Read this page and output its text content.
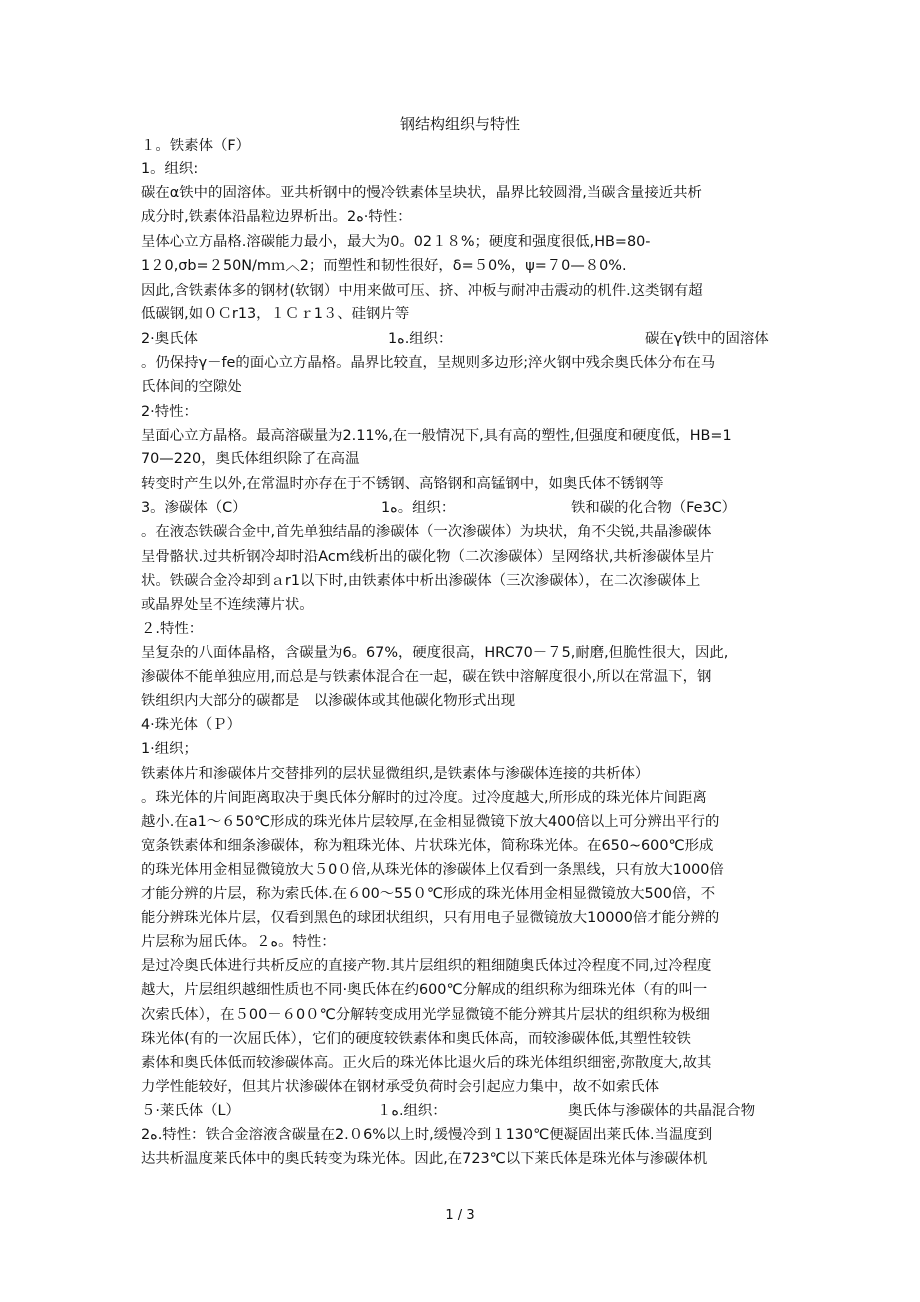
钢结构组织与特性
１。铁素体（F）
1。组织:
碳在α铁中的固溶体。亚共析钢中的慢冷铁素体呈块状，晶界比较圆滑,当碳含量接近共析
成分时,铁素体沿晶粒边界析出。2ﻩ·特性：
呈体心立方晶格.溶碳能力最小，最大为0。02１８%；硬度和强度很低,HB=80-
1２0,σb=２50N/mｍ︿2；而塑性和韧性很好，δ=５0%，ψ=７0—８0%.
因此,含铁素体多的钢材(软钢）中用来做可压、挤、冲板与耐冲击震动的机件.这类钢有超
低碳钢,如０Ｃr13，１Ｃｒ1３、硅钢片等
2·奥氏体	1ﻩ.组织：	碳在γ铁中的固溶体
。仍保持γ－fe的面心立方晶格。晶界比较直，呈规则多边形;淬火钢中残余奥氏体分布在马
氏体间的空隙处
2·特性：
呈面心立方晶格。最高溶碳量为2.11%,在一般情况下,具有高的塑性,但强度和硬度低，HB=1
70—220，奥氏体组织除了在高温
转变时产生以外,在常温时亦存在于不锈钢、高铬钢和高锰钢中，如奥氏体不锈钢等
3。渗碳体（C）	1ﻩ。组织：	铁和碳的化合物（Fe3C）
。在液态铁碳合金中,首先单独结晶的渗碳体（一次渗碳体）为块状，角不尖锐,共晶渗碳体
呈骨骼状.过共析钢冷却时沿Acm线析出的碳化物（二次渗碳体）呈网络状,共析渗碳体呈片
状。铁碳合金冷却到ａr1以下时,由铁素体中析出渗碳体（三次渗碳体），在二次渗碳体上
或晶界处呈不连续薄片状。
２.特性：
呈复杂的八面体晶格，含碳量为6。67%，硬度很高，HRC70－７5,耐磨,但脆性很大，因此,
渗碳体不能单独应用,而总是与铁素体混合在一起，碳在铁中溶解度很小,所以在常温下，钢
铁组织内大部分的碳都是　以渗碳体或其他碳化物形式出现
4·珠光体（Ｐ）
1·组织；
铁素体片和渗碳体片交替排列的层状显微组织,是铁素体与渗碳体连接的共析体）
。珠光体的片间距离取决于奥氏体分解时的过冷度。过冷度越大,所形成的珠光体片间距离
越小.在a1～６50℃形成的珠光体片层较厚,在金相显微镜下放大400倍以上可分辨出平行的
宽条铁素体和细条渗碳体，称为粗珠光体、片状珠光体，简称珠光体。在650~600℃形成
的珠光体用金相显微镜放大５0０倍,从珠光体的渗碳体上仅看到一条黑线，只有放大1000倍
才能分辨的片层，称为索氏体.在６00～55０℃形成的珠光体用金相显微镜放大500倍，不
能分辨珠光体片层，仅看到黑色的球团状组织，只有用电子显微镜放大10000倍才能分辨的
片层称为屈氏体。２ﻩ。特性：
是过冷奥氏体进行共析反应的直接产物.其片层组织的粗细随奥氏体过冷程度不同,过冷程度
越大，片层组织越细性质也不同·奥氏体在约600℃分解成的组织称为细珠光体（有的叫一
次索氏体），在５00－６0０℃分解转变成用光学显微镜不能分辨其片层状的组织称为极细
珠光体(有的一次屈氏体），它们的硬度较铁素体和奥氏体高，而较渗碳体低,其塑性较铁
素体和奥氏体低而较渗碳体高。正火后的珠光体比退火后的珠光体组织细密,弥散度大,故其
力学性能较好，但其片状渗碳体在钢材承受负荷时会引起应力集中，故不如索氏体
５·莱氏体（L）	１ﻩ.组织：	奥氏体与渗碳体的共晶混合物
2ﻩ.特性：铁合金溶液含碳量在2.０6%以上时,缓慢冷到１130℃便凝固出莱氏体.当温度到
达共析温度莱氏体中的奥氏转变为珠光体。因此,在723℃以下莱氏体是珠光体与渗碳体机
1 / 3
